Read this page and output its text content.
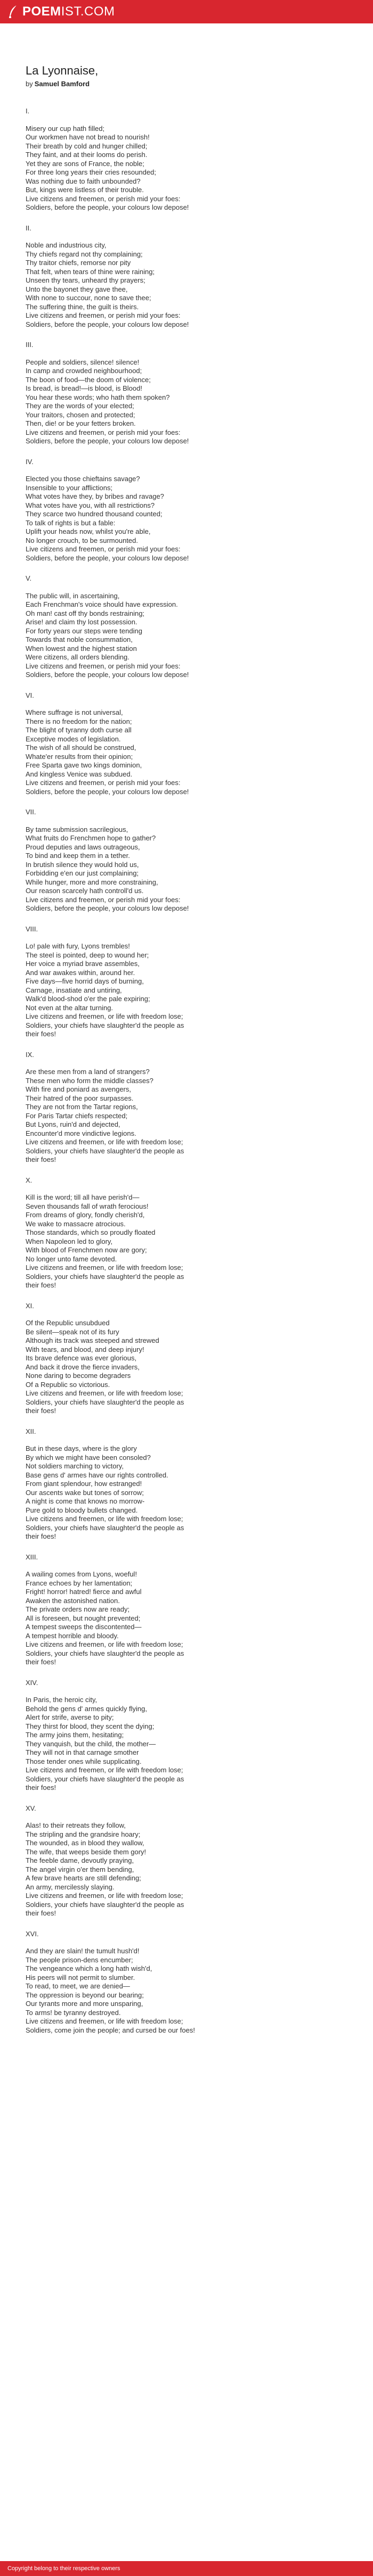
POEMIST.COM
La Lyonnaise,

by Samuel Bamford

I.
Misery our cup hath filled;
Our workmen have not bread to nourish!
Their breath by cold and hunger chilled;
They faint, and at their looms do perish.
Yet they are sons of France, the noble;
For three long years their cries resounded;
Was nothing due to faith unbounded?
But, kings were listless of their trouble.
Live citizens and freemen, or perish mid your foes:
Soldiers, before the people, your colours low depose!
II.
Noble and industrious city,
Thy chiefs regard not thy complaining;
Thy traitor chiefs, remorse nor pity
That felt, when tears of thine were raining;
Unseen thy tears, unheard thy prayers;
Unto the bayonet they gave thee,
With none to succour, none to save thee;
The suffering thine, the guilt is theirs.
Live citizens and freemen, or perish mid your foes:
Soldiers, before the people, your colours low depose!
III.
People and soldiers, silence! silence!
In camp and crowded neighbourhood;
The boon of food—the doom of violence;
Is bread, is bread!—is blood, is Blood!
You hear these words; who hath them spoken?
They are the words of your elected;
Your traitors, chosen and protected;
Then, die! or be your fetters broken.
Live citizens and freemen, or perish mid your foes:
Soldiers, before the people, your colours low depose!
IV.
Elected you those chieftains savage?
Insensible to your afflictions;
What votes have they, by bribes and ravage?
What votes have you, with all restrictions?
They scarce two hundred thousand counted;
To talk of rights is but a fable:
Uplift your heads now, whilst you're able,
No longer crouch, to be surmounted.
Live citizens and freemen, or perish mid your foes:
Soldiers, before the people, your colours low depose!
V.
The public will, in ascertaining,
Each Frenchman's voice should have expression.
Oh man! cast off thy bonds restraining;
Arise! and claim thy lost possession.
For forty years our steps were tending
Towards that noble consummation,
When lowest and the highest station
Were citizens, all orders blending.
Live citizens and freemen, or perish mid your foes:
Soldiers, before the people, your colours low depose!
VI.
Where suffrage is not universal,
There is no freedom for the nation;
The blight of tyranny doth curse all
Exceptive modes of legislation.
The wish of all should be construed,
Whate'er results from their opinion;
Free Sparta gave two kings dominion,
And kingless Venice was subdued.
Live citizens and freemen, or perish mid your foes:
Soldiers, before the people, your colours low depose!
VII.
By tame submission sacrilegious,
What fruits do Frenchmen hope to gather?
Proud deputies and laws outrageous,
To bind and keep them in a tether.
In brutish silence they would hold us,
Forbidding e'en our just complaining;
While hunger, more and more constraining,
Our reason scarcely hath controll'd us.
Live citizens and freemen, or perish mid your foes:
Soldiers, before the people, your colours low depose!
VIII.
Lo! pale with fury, Lyons trembles!
The steel is pointed, deep to wound her;
Her voice a myriad brave assembles,
And war awakes within, around her.
Five days—five horrid days of burning,
Carnage, insatiate and untiring,
Walk'd blood-shod o'er the pale expiring;
Not even at the altar turning.
Live citizens and freemen, or life with freedom lose;
Soldiers, your chiefs have slaughter'd the people as
their foes!
IX.
Are these men from a land of strangers?
These men who form the middle classes?
With fire and poniard as avengers,
Their hatred of the poor surpasses.
They are not from the Tartar regions,
For Paris Tartar chiefs respected;
But Lyons, ruin'd and dejected,
Encounter'd more vindictive legions.
Live citizens and freemen, or life with freedom lose;
Soldiers, your chiefs have slaughter'd the people as
their foes!
X.
Kill is the word; till all have perish'd—
Seven thousands fall of wrath ferocious!
From dreams of glory, fondly cherish'd,
We wake to massacre atrocious.
Those standards, which so proudly floated
When Napoleon led to glory,
With blood of Frenchmen now are gory;
No longer unto fame devoted.
Live citizens and freemen, or life with freedom lose;
Soldiers, your chiefs have slaughter'd the people as
their foes!
XI.
Of the Republic unsubdued
Be silent—speak not of its fury
Although its track was steeped and strewed
With tears, and blood, and deep injury!
Its brave defence was ever glorious,
And back it drove the fierce invaders,
None daring to become degraders
Of a Republic so victorious.
Live citizens and freemen, or life with freedom lose;
Soldiers, your chiefs have slaughter'd the people as
their foes!
XII.
But in these days, where is the glory
By which we might have been consoled?
Not soldiers marching to victory,
Base gens d' armes have our rights controlled.
From giant splendour, how estranged!
Our ascents wake but tones of sorrow;
A night is come that knows no morrow-
Pure gold to bloody bullets changed.
Live citizens and freemen, or life with freedom lose;
Soldiers, your chiefs have slaughter'd the people as
their foes!
XIII.
A wailing comes from Lyons, woeful!
France echoes by her lamentation;
Fright! horror! hatred! fierce and awful
Awaken the astonished nation.
The private orders now are ready;
All is foreseen, but nought prevented;
A tempest sweeps the discontented—
A tempest horrible and bloody.
Live citizens and freemen, or life with freedom lose;
Soldiers, your chiefs have slaughter'd the people as
their foes!
XIV.
In Paris, the heroic city,
Behold the gens d' armes quickly flying,
Alert for strife, averse to pity;
They thirst for blood, they scent the dying;
The army joins them, hesitating;
They vanquish, but the child, the mother—
They will not in that carnage smother
Those tender ones while supplicating.
Live citizens and freemen, or life with freedom lose;
Soldiers, your chiefs have slaughter'd the people as
their foes!
XV.
Alas! to their retreats they follow,
The stripling and the grandsire hoary;
The wounded, as in blood they wallow,
The wife, that weeps beside them gory!
The feeble dame, devoutly praying,
The angel virgin o'er them bending,
A few brave hearts are still defending;
An army, mercilessly slaying.
Live citizens and freemen, or life with freedom lose;
Soldiers, your chiefs have slaughter'd the people as
their foes!
XVI.
And they are slain! the tumult hush'd!
The people prison-dens encumber;
The vengeance which a long hath wish'd,
His peers will not permit to slumber.
To read, to meet, we are denied—
The oppression is beyond our bearing;
Our tyrants more and more unsparing,
To arms! be tyranny destroyed.
Live citizens and freemen, or life with freedom lose;
Soldiers, come join the people; and cursed be our foes!
Copyright belong to their respective owners
